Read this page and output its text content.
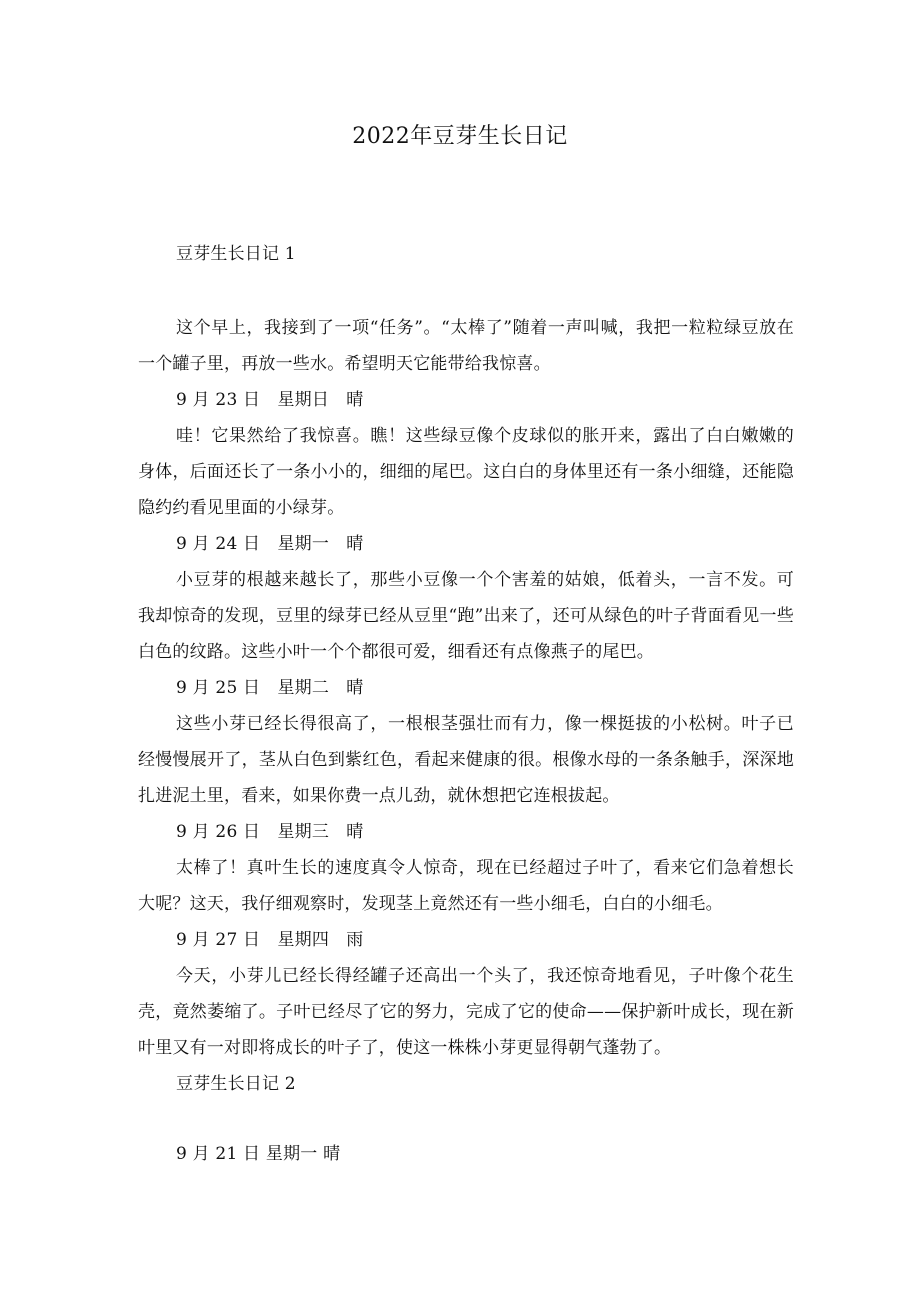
2022年豆芽生长日记

豆芽生长日记 1

这个早上，我接到了一项“任务”。“太棒了”随着一声叫喊，我把一粒粒绿豆放在一个罐子里，再放一些水。希望明天它能带给我惊喜。

9 月 23 日　星期日　晴

哇！它果然给了我惊喜。瞧！这些绿豆像个皮球似的胀开来，露出了白白嫩嫩的身体，后面还长了一条小小的，细细的尾巴。这白白的身体里还有一条小细缝，还能隐隐约约看见里面的小绿芽。

9 月 24 日　星期一　晴

小豆芽的根越来越长了，那些小豆像一个个害羞的姑娘，低着头，一言不发。可我却惊奇的发现，豆里的绿芽已经从豆里“跑”出来了，还可从绿色的叶子背面看见一些白色的纹路。这些小叶一个个都很可爱，细看还有点像燕子的尾巴。

9 月 25 日　星期二　晴

这些小芽已经长得很高了，一根根茎强壮而有力，像一棵挺拔的小松树。叶子已经慢慢展开了，茎从白色到紫红色，看起来健康的很。根像水母的一条条触手，深深地扎进泥土里，看来，如果你费一点儿劲，就休想把它连根拔起。

9 月 26 日　星期三　晴

太棒了！真叶生长的速度真令人惊奇，现在已经超过子叶了，看来它们急着想长大呢？这天，我仔细观察时，发现茎上竟然还有一些小细毛，白白的小细毛。

9 月 27 日　星期四　雨

今天，小芽儿已经长得经罐子还高出一个头了，我还惊奇地看见，子叶像个花生壳，竟然萎缩了。子叶已经尽了它的努力，完成了它的使命——保护新叶成长，现在新叶里又有一对即将成长的叶子了，使这一株株小芽更显得朝气蓬勃了。

豆芽生长日记 2

9 月 21 日 星期一 晴
